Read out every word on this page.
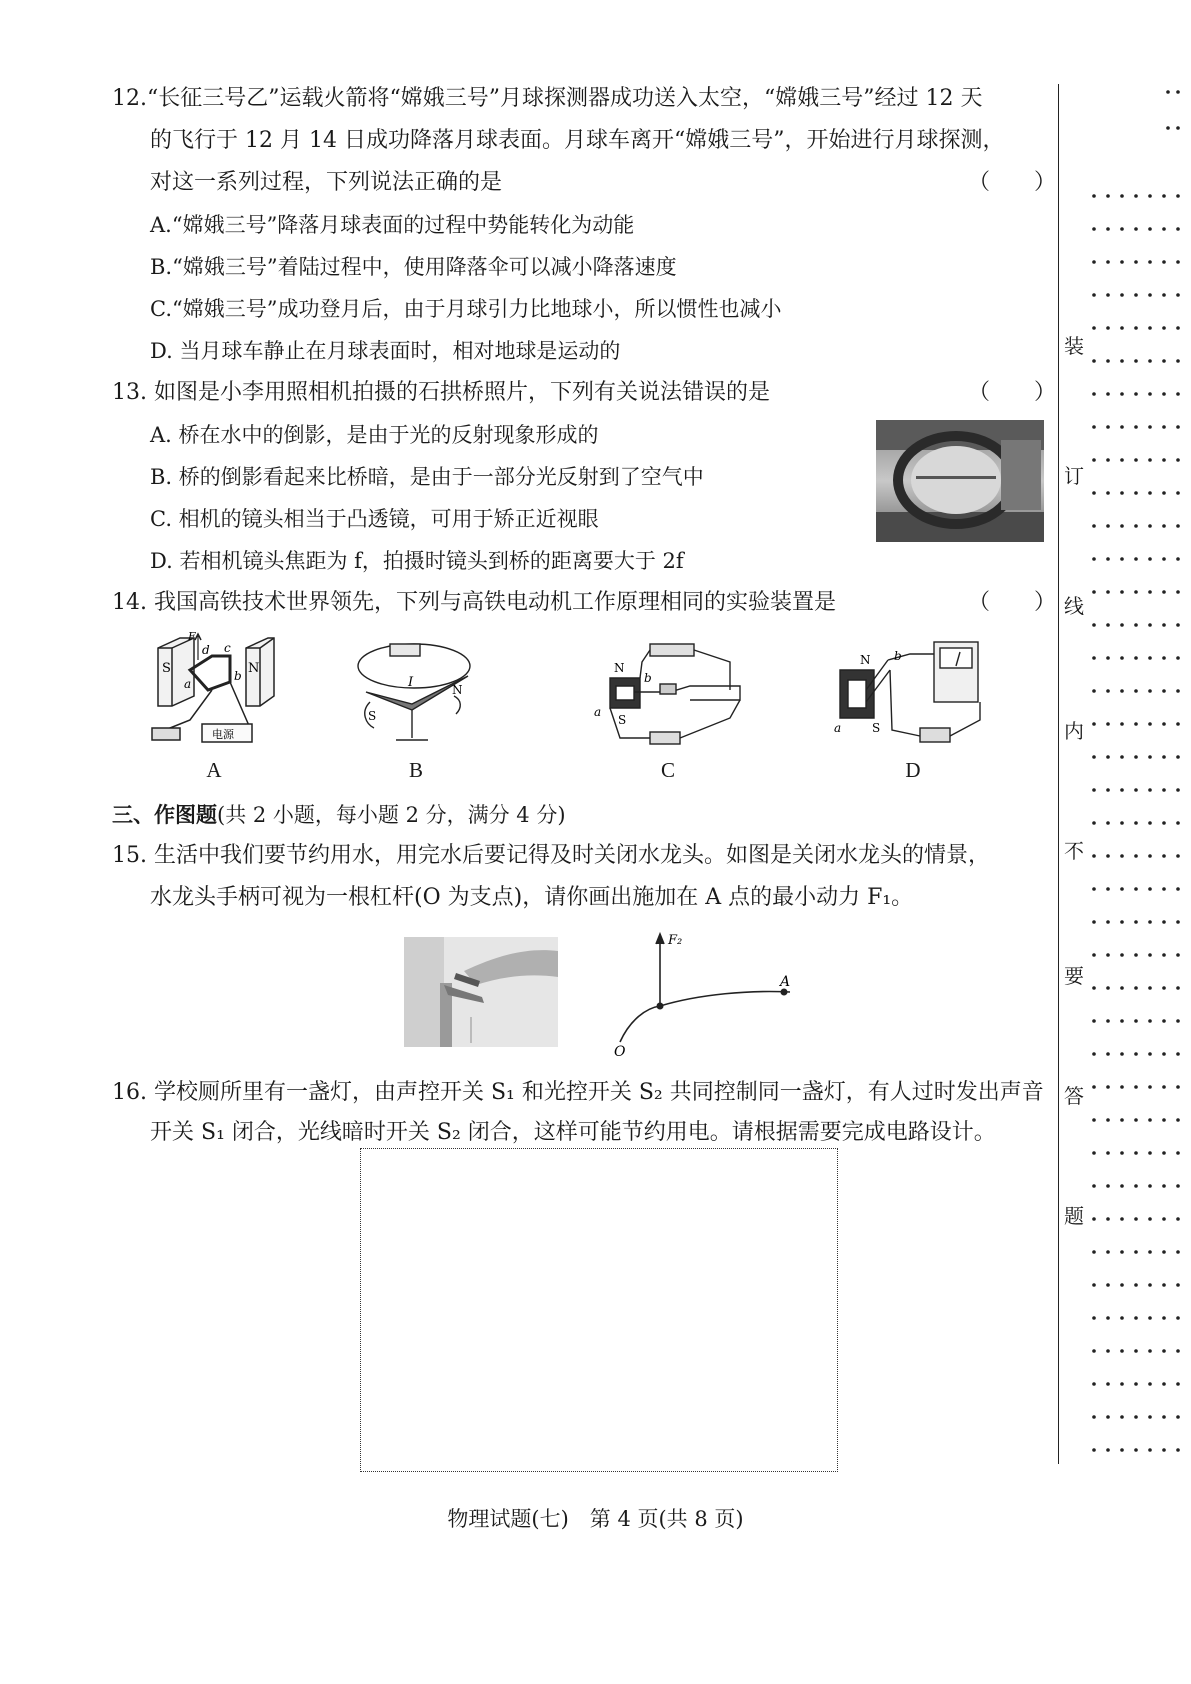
装
订
线
内
不
要
答
题
12.“长征三号乙”运载火箭将“嫦娥三号”月球探测器成功送入太空，“嫦娥三号”经过 12 天
的飞行于 12 月 14 日成功降落月球表面。月球车离开“嫦娥三号”，开始进行月球探测，
对这一系列过程，下列说法正确的是	（　　）
A.“嫦娥三号”降落月球表面的过程中势能转化为动能
B.“嫦娥三号”着陆过程中，使用降落伞可以减小降落速度
C.“嫦娥三号”成功登月后，由于月球引力比地球小，所以惯性也减小
D. 当月球车静止在月球表面时，相对地球是运动的
13. 如图是小李用照相机拍摄的石拱桥照片，下列有关说法错误的是	（　　）
A. 桥在水中的倒影，是由于光的反射现象形成的
B. 桥的倒影看起来比桥暗，是由于一部分光反射到了空气中
C. 相机的镜头相当于凸透镜，可用于矫正近视眼
D. 若相机镜头焦距为 f，拍摄时镜头到桥的距离要大于 2f
14. 我国高铁技术世界领先，下列与高铁电动机工作原理相同的实验装置是	（　　）
S	N
F
d c
a
b
电源
A
I
S
N
B
N
S
a
b
C
N
S
a
b
D
三、作图题(共 2 小题，每小题 2 分，满分 4 分)
15. 生活中我们要节约用水，用完水后要记得及时关闭水龙头。如图是关闭水龙头的情景，
水龙头手柄可视为一根杠杆(O 为支点)，请你画出施加在 A 点的最小动力 F₁。
F₂
A
O
16. 学校厕所里有一盏灯，由声控开关 S₁ 和光控开关 S₂ 共同控制同一盏灯，有人过时发出声音
开关 S₁ 闭合，光线暗时开关 S₂ 闭合，这样可能节约用电。请根据需要完成电路设计。
物理试题(七)　第 4 页(共 8 页)
